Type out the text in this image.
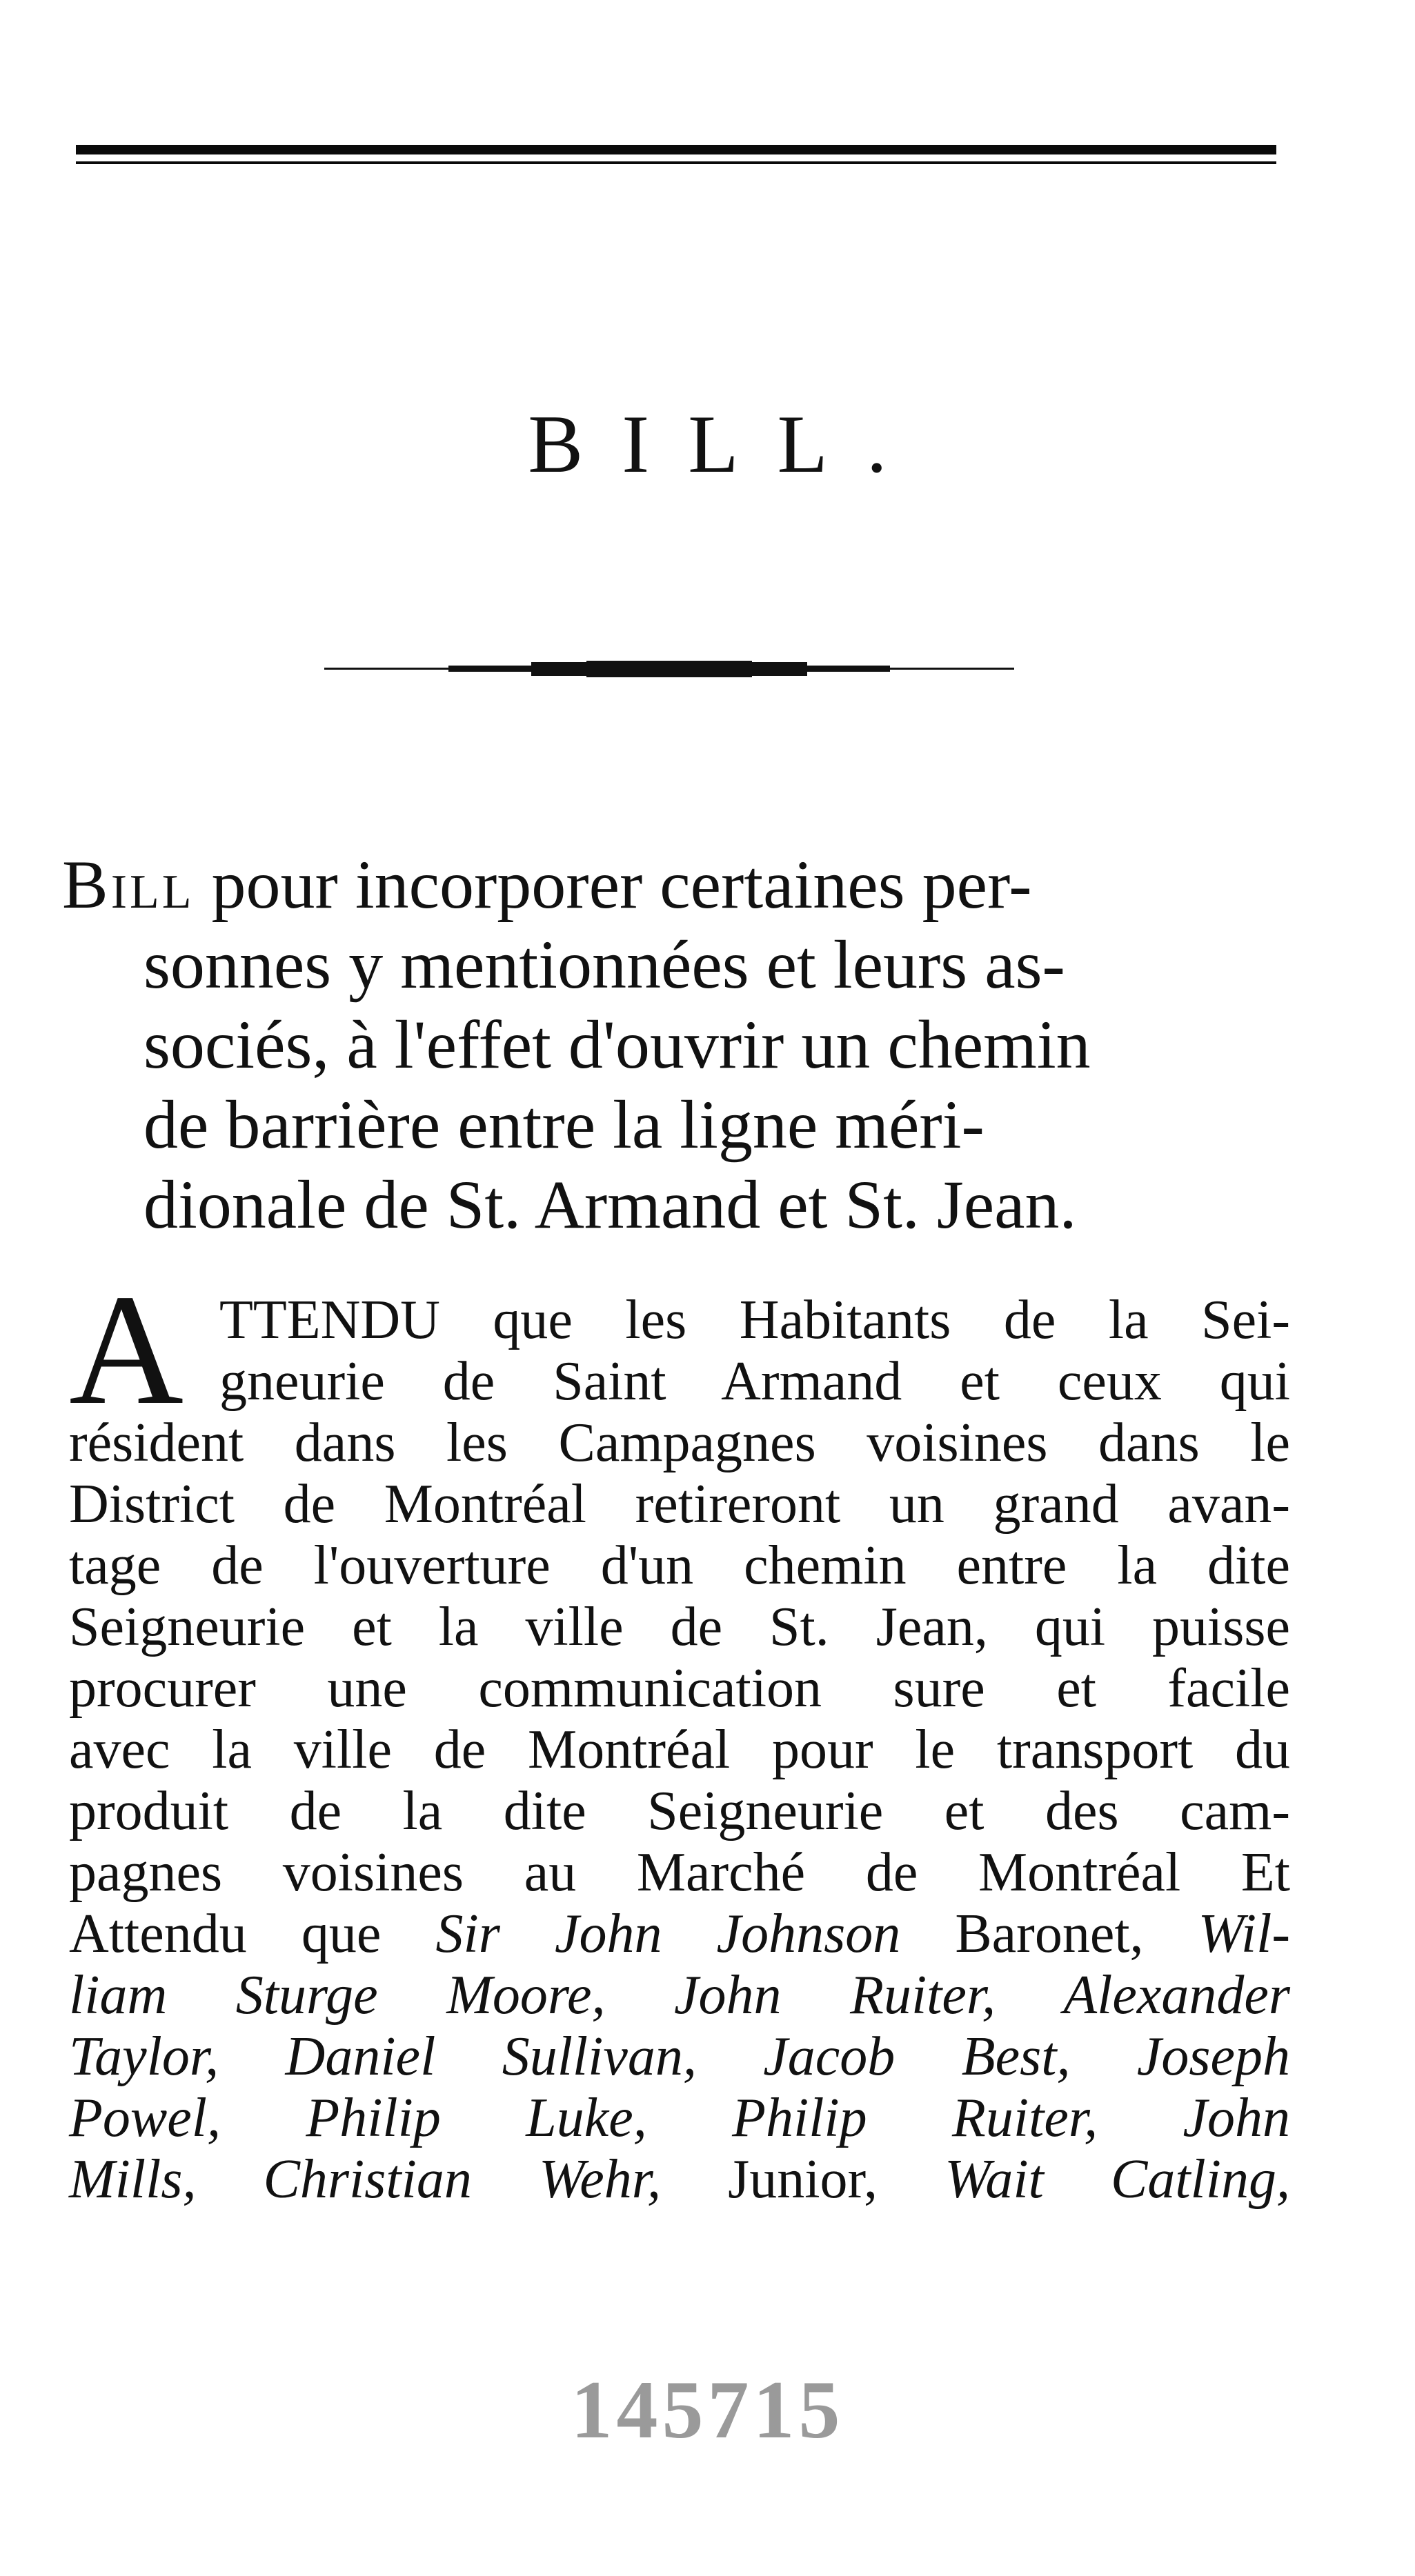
BILL.
Bill pour incorporer certaines per-
sonnes y mentionnées et leurs as-
sociés, à l'effet d'ouvrir un chemin
de barrière entre la ligne méri-
dionale de St. Armand et St. Jean.
A TTENDU que les Habitants de la Sei-
gneurie de Saint Armand et ceux qui
résident dans les Campagnes voisines dans le
District de Montréal retireront un grand avan-
tage de l'ouverture d'un chemin entre la dite
Seigneurie et la ville de St. Jean, qui puisse
procurer une communication sure et facile
avec la ville de Montréal pour le transport du
produit de la dite Seigneurie et des cam-
pagnes voisines au Marché de Montréal Et
Attendu que Sir John Johnson Baronet, Wil-
liam Sturge Moore, John Ruiter, Alexander
Taylor, Daniel Sullivan, Jacob Best, Joseph
Powel, Philip Luke, Philip Ruiter, John
Mills, Christian Wehr, Junior, Wait Catling,
145715
